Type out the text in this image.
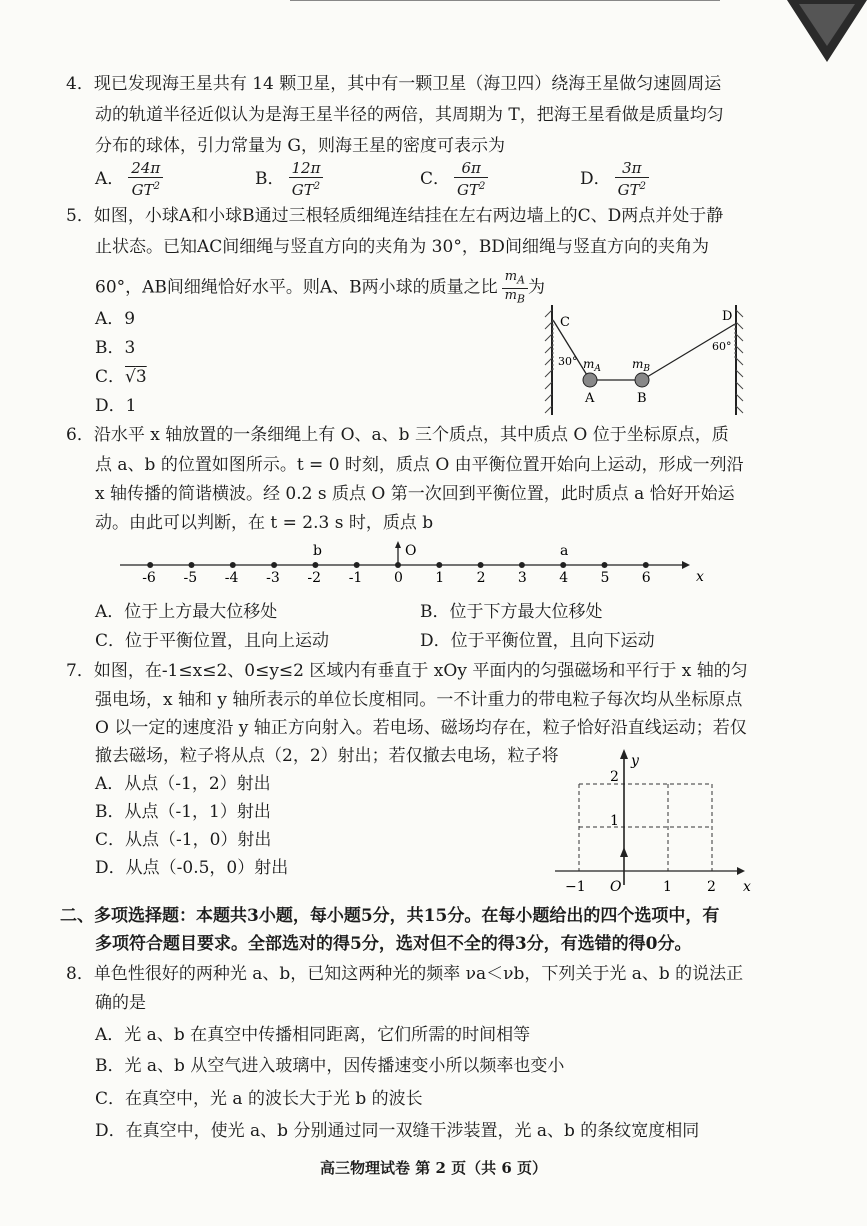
4．现已发现海王星共有 14 颗卫星，其中有一颗卫星（海卫四）绕海王星做匀速圆周运
动的轨道半径近似认为是海王星半径的两倍，其周期为 T，把海王星看做是质量均匀
分布的球体，引力常量为 G，则海王星的密度可表示为
A． $\frac{24\pi}{GT^2}$	B． $\frac{12\pi}{GT^2}$	C． $\frac{6\pi}{GT^2}$	D． $\frac{3\pi}{GT^2}$
5．如图，小球A和小球B通过三根轻质细绳连结挂在左右两边墙上的C、D两点并处于静
止状态。已知AC间细绳与竖直方向的夹角为 30°，BD间细绳与竖直方向的夹角为
60°，AB间细绳恰好水平。则A、B两小球的质量之比 $\frac{m_A}{m_B}$ 为
A．9
B．3
C．√3
D．1
C	D
30°
60°
$m_A$	$m_B$
A	B
6．沿水平 x 轴放置的一条细绳上有 O、a、b 三个质点，其中质点 O 位于坐标原点，质
点 a、b 的位置如图所示。t = 0 时刻，质点 O 由平衡位置开始向上运动，形成一列沿
x 轴传播的简谐横波。经 0.2 s 质点 O 第一次回到平衡位置，此时质点 a 恰好开始运
动。由此可以判断，在 t = 2.3 s 时，质点 b
-6 -5 -4 -3 -2 -1 0 1 2 3 4 5 6	x
b	a
O
A．位于上方最大位移处	B．位于下方最大位移处
C．位于平衡位置，且向上运动	D．位于平衡位置，且向下运动
7．如图，在-1≤x≤2、0≤y≤2 区域内有垂直于 xOy 平面内的匀强磁场和平行于 x 轴的匀
强电场，x 轴和 y 轴所表示的单位长度相同。一不计重力的带电粒子每次均从坐标原点
O 以一定的速度沿 y 轴正方向射入。若电场、磁场均存在，粒子恰好沿直线运动；若仅
撤去磁场，粒子将从点（2，2）射出；若仅撤去电场，粒子将
A．从点（-1，2）射出
B．从点（-1，1）射出
C．从点（-1，0）射出
D．从点（-0.5，0）射出
y
x
O
2
1
−1	1	2
二、多项选择题：本题共3小题，每小题5分，共15分。在每小题给出的四个选项中，有
多项符合题目要求。全部选对的得5分，选对但不全的得3分，有选错的得0分。
8．单色性很好的两种光 a、b，已知这两种光的频率 νa＜νb，下列关于光 a、b 的说法正
确的是
A．光 a、b 在真空中传播相同距离，它们所需的时间相等
B．光 a、b 从空气进入玻璃中，因传播速变小所以频率也变小
C．在真空中，光 a 的波长大于光 b 的波长
D．在真空中，使光 a、b 分别通过同一双缝干涉装置，光 a、b 的条纹宽度相同
高三物理试卷 第 2 页（共 6 页）
